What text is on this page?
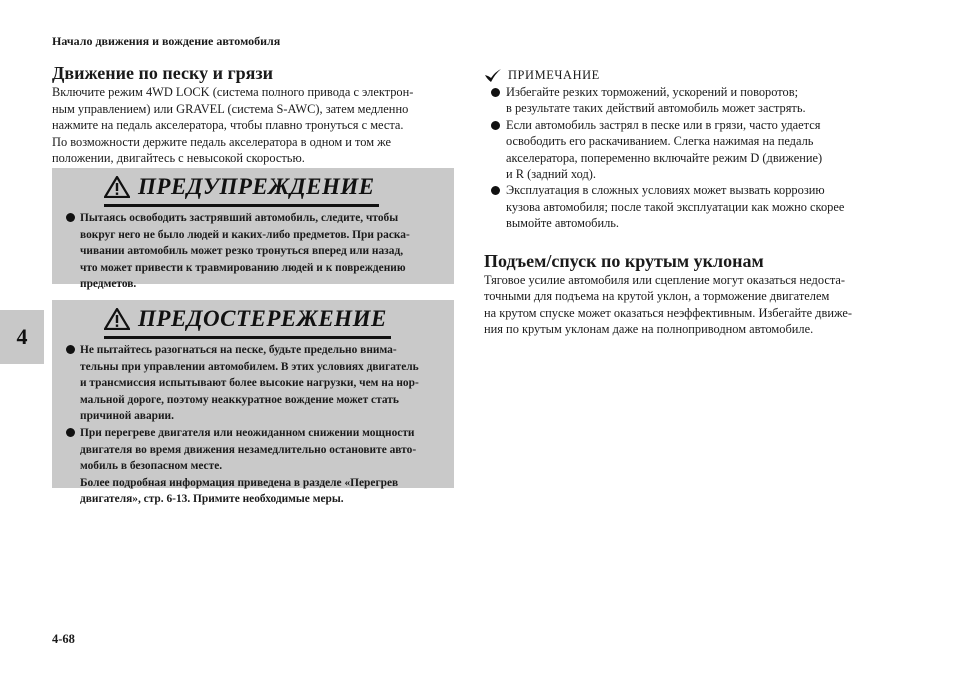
Начало движения и вождение автомобиля
4
Движение по песку и грязи
Включите режим 4WD LOCK (система полного привода с электрон-
ным управлением) или GRAVEL (система S-AWC), затем медленно
нажмите на педаль акселератора, чтобы плавно тронуться с места.
По возможности держите педаль акселератора в одном и том же
положении, двигайтесь с невысокой скоростью.
ПРЕДУПРЕЖДЕНИЕ
Пытаясь освободить застрявший автомобиль, следите, чтобы
вокруг него не было людей и каких-либо предметов. При раска-
чивании автомобиль может резко тронуться вперед или назад,
что может привести к травмированию людей и к повреждению
предметов.
ПРЕДОСТЕРЕЖЕНИЕ
Не пытайтесь разогнаться на песке, будьте предельно внима-
тельны при управлении автомобилем. В этих условиях двигатель
и трансмиссия испытывают более высокие нагрузки, чем на нор-
мальной дороге, поэтому неаккуратное вождение может стать
причиной аварии.
При перегреве двигателя или неожиданном снижении мощности
двигателя во время движения незамедлительно остановите авто-
мобиль в безопасном месте.
Более подробная информация приведена в разделе «Перегрев
двигателя», стр. 6-13. Примите необходимые меры.
ПРИМЕЧАНИЕ
Избегайте резких торможений, ускорений и поворотов;
в результате таких действий автомобиль может застрять.
Если автомобиль застрял в песке или в грязи, часто удается
освободить его раскачиванием. Слегка нажимая на педаль
акселератора, попеременно включайте режим D (движение)
и R (задний ход).
Эксплуатация в сложных условиях может вызвать коррозию
кузова автомобиля; после такой эксплуатации как можно скорее
вымойте автомобиль.
Подъем/спуск по крутым уклонам
Тяговое усилие автомобиля или сцепление могут оказаться недоста-
точными для подъема на крутой уклон, а торможение двигателем
на крутом спуске может оказаться неэффективным. Избегайте движе-
ния по крутым уклонам даже на полноприводном автомобиле.
4-68
